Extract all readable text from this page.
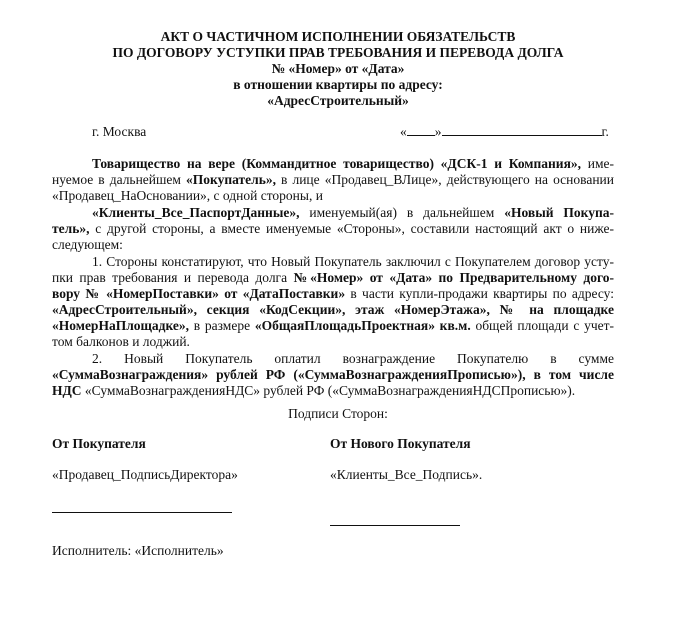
АКТ О ЧАСТИЧНОМ ИСПОЛНЕНИИ ОБЯЗАТЕЛЬСТВ
ПО ДОГОВОРУ УСТУПКИ ПРАВ ТРЕБОВАНИЯ И ПЕРЕВОДА ДОЛГА
№ «Номер» от «Дата»
в отношении квартиры по адресу:
«АдресСтроительный»
г. Москва	« »	г.
Товарищество на вере (Коммандитное товарищество) «ДСК-1 и Компания», име-
нуемое в дальнейшем «Покупатель», в лице «Продавец_ВЛице», действующего на основании
«Продавец_НаОсновании», с одной стороны, и
«Клиенты_Все_ПаспортДанные», именуемый(ая) в дальнейшем «Новый Покупа-
тель», с другой стороны, а вместе именуемые «Стороны», составили настоящий акт о ниже-
следующем:
1. Стороны констатируют, что Новый Покупатель заключил с Покупателем договор усту-
пки прав требования и перевода долга №«Номер» от «Дата» по Предварительному дого-
вору № «НомерПоставки» от «ДатаПоставки» в части купли-продажи квартиры по адресу:
«АдресСтроительный», секция «КодСекции», этаж «НомерЭтажа», № на площадке
«НомерНаПлощадке», в размере «ОбщаяПлощадьПроектная» кв.м. общей площади с учет-
том балконов и лоджий.
2. Новый Покупатель оплатил вознаграждение Покупателю в сумме
«СуммаВознаграждения» рублей РФ («СуммаВознагражденияПрописью»), в том числе
НДС «СуммаВознагражденияНДС» рублей РФ («СуммаВознагражденияНДСПрописью»).
Подписи Сторон:
От Покупателя	От Нового Покупателя
«Продавец_ПодписьДиректора»	«Клиенты_Все_Подпись».
Исполнитель: «Исполнитель»
